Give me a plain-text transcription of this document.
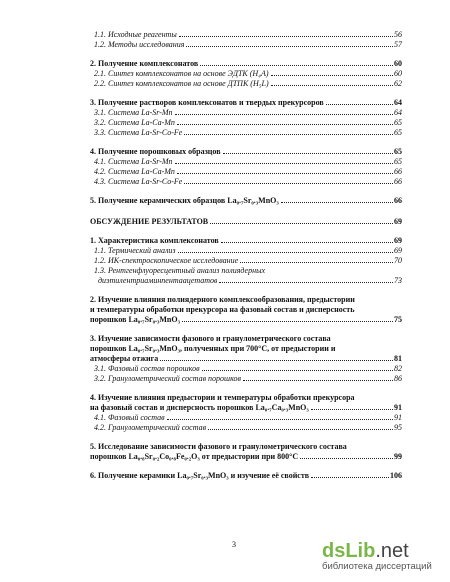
1.1. Исходные реагенты	56
1.2. Методы исследования	57
2. Получение комплексонатов	60
2.1. Синтез комплексонатов на основе ЭДТК (H₄A)	60
2.2. Синтез комплексонатов на основе ДТПК (H₅L)	62
3. Получение растворов комплексонатов и твердых прекурсоров	64
3.1. Система La-Sr-Mn	64
3.2. Система La-Ca-Mn	65
3.3. Система La-Sr-Co-Fe	65
4. Получение порошковых образцов	65
4.1. Система La-Sr-Mn	65
4.2. Система La-Ca-Mn	66
4.3. Система La-Sr-Co-Fe	66
5. Получение керамических образцов La₀.₇Sr₀.₃MnO₃	66
ОБСУЖДЕНИЕ РЕЗУЛЬТАТОВ	69
1. Характеристика комплексонатов	69
1.1. Термический анализ	69
1.2. ИК-спектроскопическое исследование	70
1.3. Рентгенфлуоресцентный анализ полиядерных
диэтилентриаминпентаацетатов	73
2. Изучение влияния полиядерного комплексообразования, предыстории
и температуры обработки прекурсора на фазовый состав и дисперсность
порошков La₀.₇Sr₀.₃MnO₃	75
3. Изучение зависимости фазового и гранулометрического состава
порошков La₀.₇Sr₀.₃MnO₃, полученных при 700°С, от предыстории и
атмосферы отжига	81
3.1. Фазовый состав порошков	82
3.2. Гранулометрический состав порошков	86
4. Изучение влияния предыстории и температуры обработки прекурсора
на фазовый состав и дисперсность порошков La₀.₇Ca₀.₃MnO₃	91
4.1. Фазовый состав	91
4.2. Гранулометрический состав	95
5. Исследование зависимости фазового и гранулометрического состава
порошков La₀.₈Sr₀.₂Co₀.₈Fe₀.₂O₃ от предыстории при 800°С	99
6. Получение керамики La₀.₇Sr₀.₃MnO₃ и изучение её свойств	106
3	dsLib.net
библиотека диссертаций
